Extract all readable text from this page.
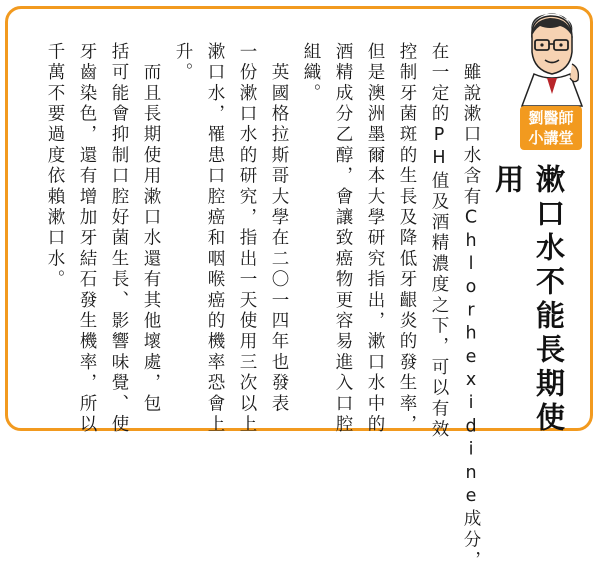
劉醫師
小講堂
漱口水不能長期使用
　雖說漱口水含有Chlorhexidine成分，
在一定的PH值及酒精濃度之下，可以有效
控制牙菌斑的生長及降低牙齦炎的發生率，
但是澳洲墨爾本大學研究指出，漱口水中的
酒精成分乙醇，會讓致癌物更容易進入口腔
組織。
　英國格拉斯哥大學在二〇一四年也發表
一份漱口水的研究，指出一天使用三次以上
漱口水，罹患口腔癌和咽喉癌的機率恐會上
升。
　而且長期使用漱口水還有其他壞處，包
括可能會抑制口腔好菌生長、影響味覺、使
牙齒染色，還有增加牙結石發生機率，所以
千萬不要過度依賴漱口水。
